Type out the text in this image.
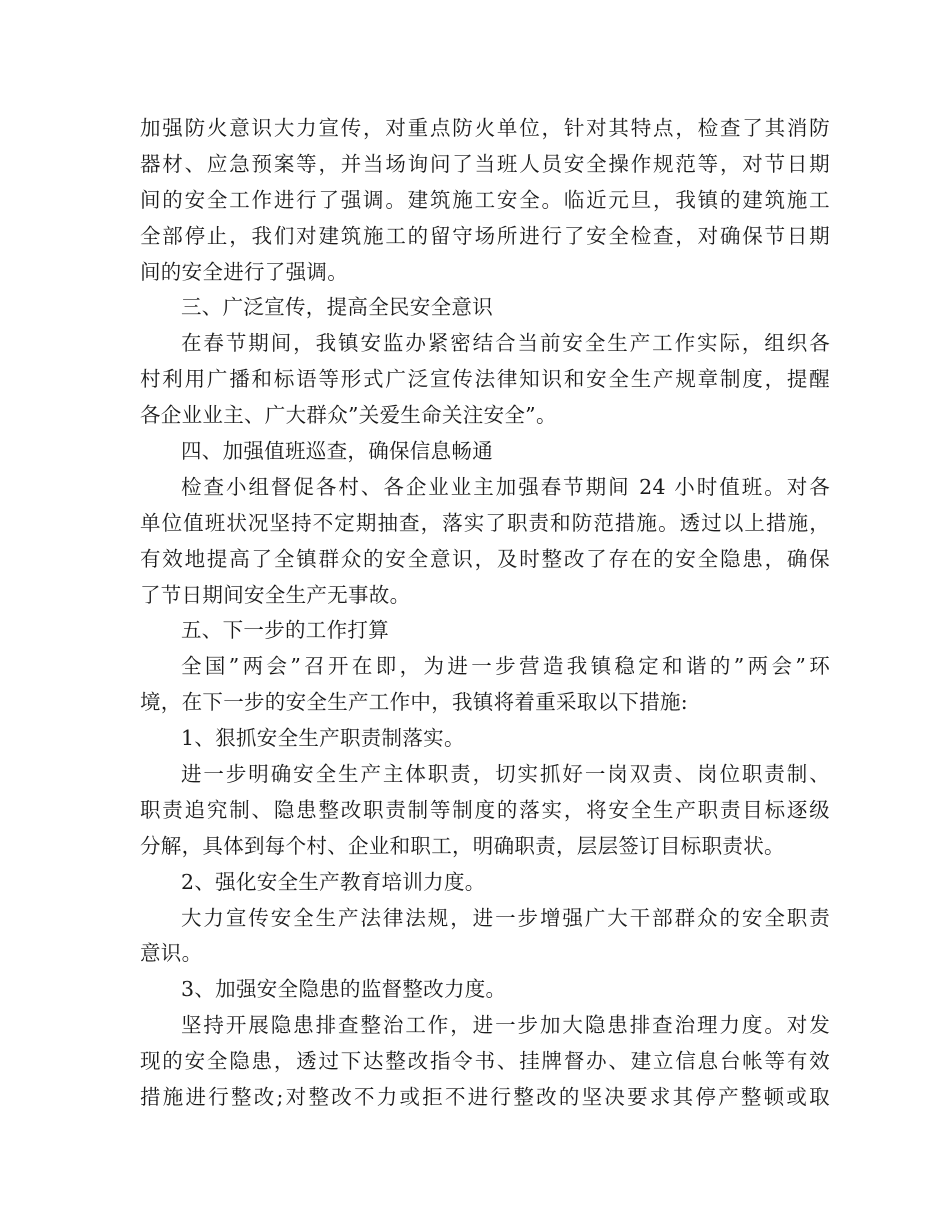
加强防火意识大力宣传，对重点防火单位，针对其特点，检查了其消防
器材、应急预案等，并当场询问了当班人员安全操作规范等，对节日期
间的安全工作进行了强调。建筑施工安全。临近元旦，我镇的建筑施工
全部停止，我们对建筑施工的留守场所进行了安全检查，对确保节日期
间的安全进行了强调。
三、广泛宣传，提高全民安全意识
在春节期间，我镇安监办紧密结合当前安全生产工作实际，组织各
村利用广播和标语等形式广泛宣传法律知识和安全生产规章制度，提醒
各企业业主、广大群众”关爱生命关注安全”。
四、加强值班巡查，确保信息畅通
检查小组督促各村、各企业业主加强春节期间 24 小时值班。对各
单位值班状况坚持不定期抽查，落实了职责和防范措施。透过以上措施，
有效地提高了全镇群众的安全意识，及时整改了存在的安全隐患，确保
了节日期间安全生产无事故。
五、下一步的工作打算
全国”两会”召开在即，为进一步营造我镇稳定和谐的”两会”环
境，在下一步的安全生产工作中，我镇将着重采取以下措施:
1、狠抓安全生产职责制落实。
进一步明确安全生产主体职责，切实抓好一岗双责、岗位职责制、
职责追究制、隐患整改职责制等制度的落实，将安全生产职责目标逐级
分解，具体到每个村、企业和职工，明确职责，层层签订目标职责状。
2、强化安全生产教育培训力度。
大力宣传安全生产法律法规，进一步增强广大干部群众的安全职责
意识。
3、加强安全隐患的监督整改力度。
坚持开展隐患排查整治工作，进一步加大隐患排查治理力度。对发
现的安全隐患，透过下达整改指令书、挂牌督办、建立信息台帐等有效
措施进行整改;对整改不力或拒不进行整改的坚决要求其停产整顿或取
